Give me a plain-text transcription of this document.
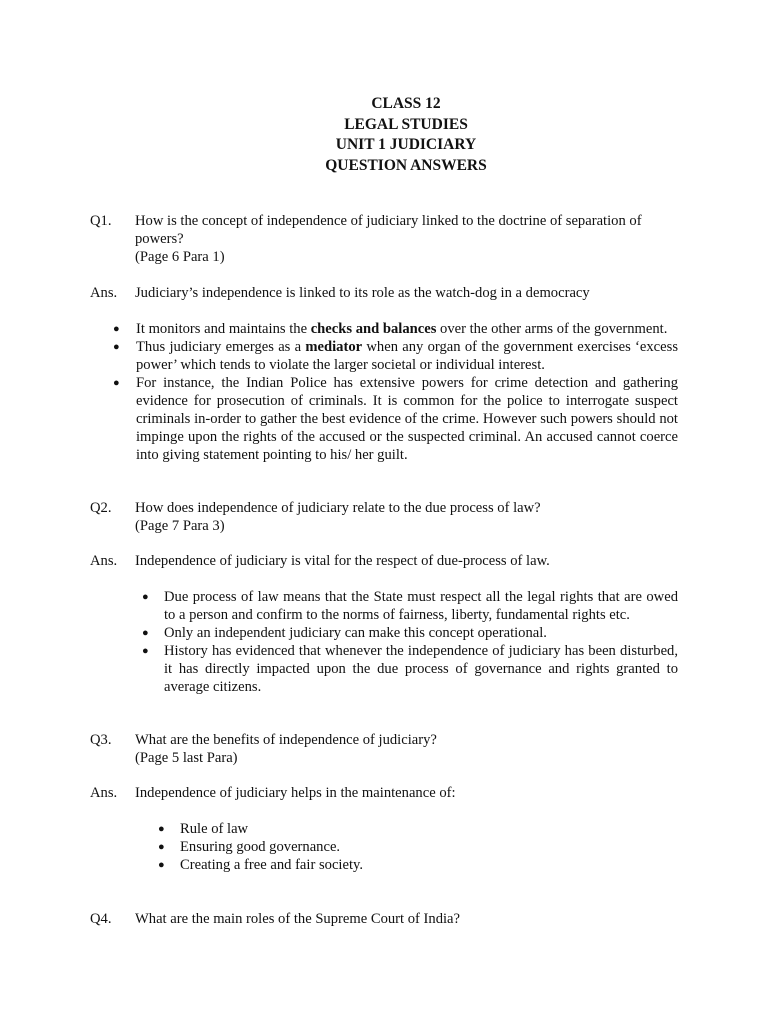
CLASS 12
LEGAL STUDIES
UNIT 1 JUDICIARY
QUESTION ANSWERS
Q1. How is the concept of independence of judiciary linked to the doctrine of separation of powers?
(Page 6 Para 1)
Ans. Judiciary’s independence is linked to its role as the watch-dog in a democracy
● It monitors and maintains the checks and balances over the other arms of the government.
● Thus judiciary emerges as a mediator when any organ of the government exercises ‘excess power’ which tends to violate the larger societal or individual interest.
● For instance, the Indian Police has extensive powers for crime detection and gathering evidence for prosecution of criminals. It is common for the police to interrogate suspect criminals in-order to gather the best evidence of the crime. However such powers should not impinge upon the rights of the accused or the suspected criminal. An accused cannot coerce into giving statement pointing to his/ her guilt.
Q2. How does independence of judiciary relate to the due process of law?
(Page 7 Para 3)
Ans. Independence of judiciary is vital for the respect of due-process of law.
● Due process of law means that the State must respect all the legal rights that are owed to a person and confirm to the norms of fairness, liberty, fundamental rights etc.
● Only an independent judiciary can make this concept operational.
● History has evidenced that whenever the independence of judiciary has been disturbed, it has directly impacted upon the due process of governance and rights granted to average citizens.
Q3. What are the benefits of independence of judiciary?
(Page 5 last Para)
Ans. Independence of judiciary helps in the maintenance of:
● Rule of law
● Ensuring good governance.
● Creating a free and fair society.
Q4. What are the main roles of the Supreme Court of India?
